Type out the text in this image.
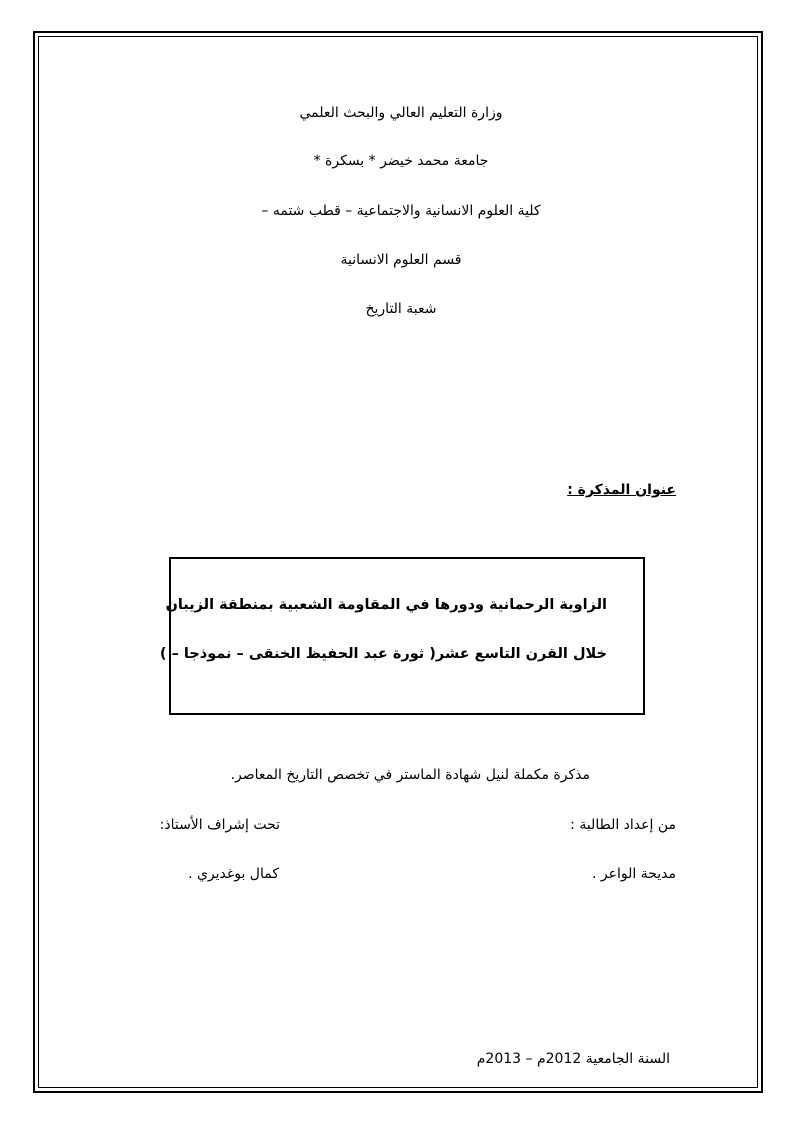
وزارة التعليم العالي والبحث العلمي
جامعة محمد خيضر * بسكرة *
كلية العلوم الانسانية والاجتماعية – قطب شتمه –
قسم العلوم الانسانية
شعبة التاريخ
عنوان المذكرة :
الزاوية الرحمانية ودورها في المقاومة الشعبية بمنطقة الزيبان
خلال القرن التاسع عشر( ثورة عبد الحفيظ الخنقى – نموذجا – )
مذكرة مكملة لنيل شهادة الماستر في تخصص التاريخ المعاصر.
من إعداد الطالبة :
تحت إشراف الأستاذ:
مديحة الواعر .
كمال بوغديري .
السنة الجامعية 2012م – 2013م
